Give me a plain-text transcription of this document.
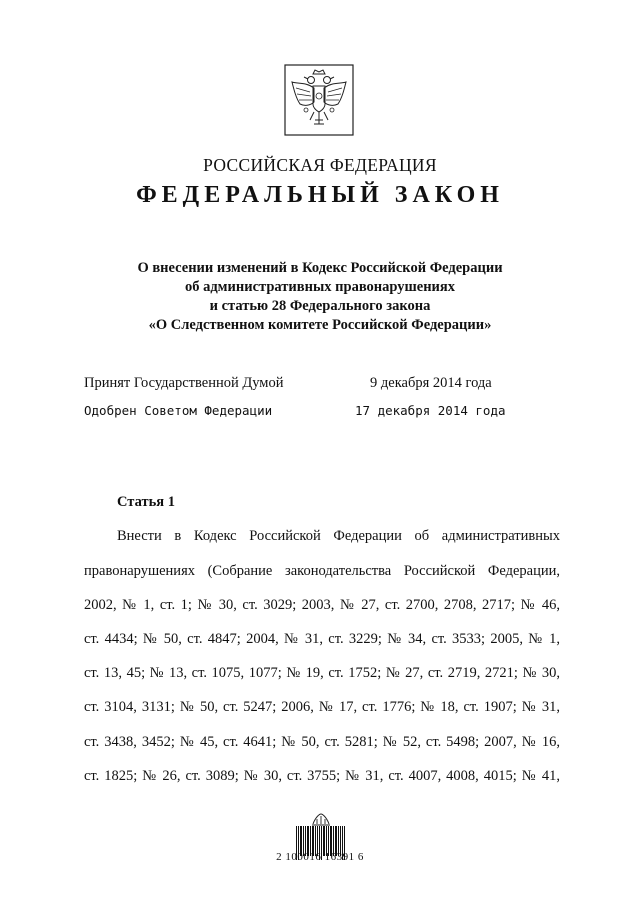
РОССИЙСКАЯ ФЕДЕРАЦИЯ
ФЕДЕРАЛЬНЫЙ ЗАКОН
О внесении изменений в Кодекс Российской Федерации
об административных правонарушениях
и статью 28 Федерального закона
«О Следственном комитете Российской Федерации»
Принят Государственной Думой	9 декабря 2014 года
Одобрен Советом Федерации	17 декабря 2014 года
Статья 1
Внести в Кодекс Российской Федерации об административных
правонарушениях (Собрание законодательства Российской Федерации,
2002, № 1, ст. 1; № 30, ст. 3029; 2003, № 27, ст. 2700, 2708, 2717; № 46,
ст. 4434; № 50, ст. 4847; 2004, № 31, ст. 3229; № 34, ст. 3533; 2005, № 1,
ст. 13, 45; № 13, ст. 1075, 1077; № 19, ст. 1752; № 27, ст. 2719, 2721; № 30,
ст. 3104, 3131; № 50, ст. 5247; 2006, № 17, ст. 1776; № 18, ст. 1907; № 31,
ст. 3438, 3452; № 45, ст. 4641; № 50, ст. 5281; № 52, ст. 5498; 2007, № 16,
ст. 1825; № 26, ст. 3089; № 30, ст. 3755; № 31, ст. 4007, 4008, 4015; № 41,
2 100016 16391 6
